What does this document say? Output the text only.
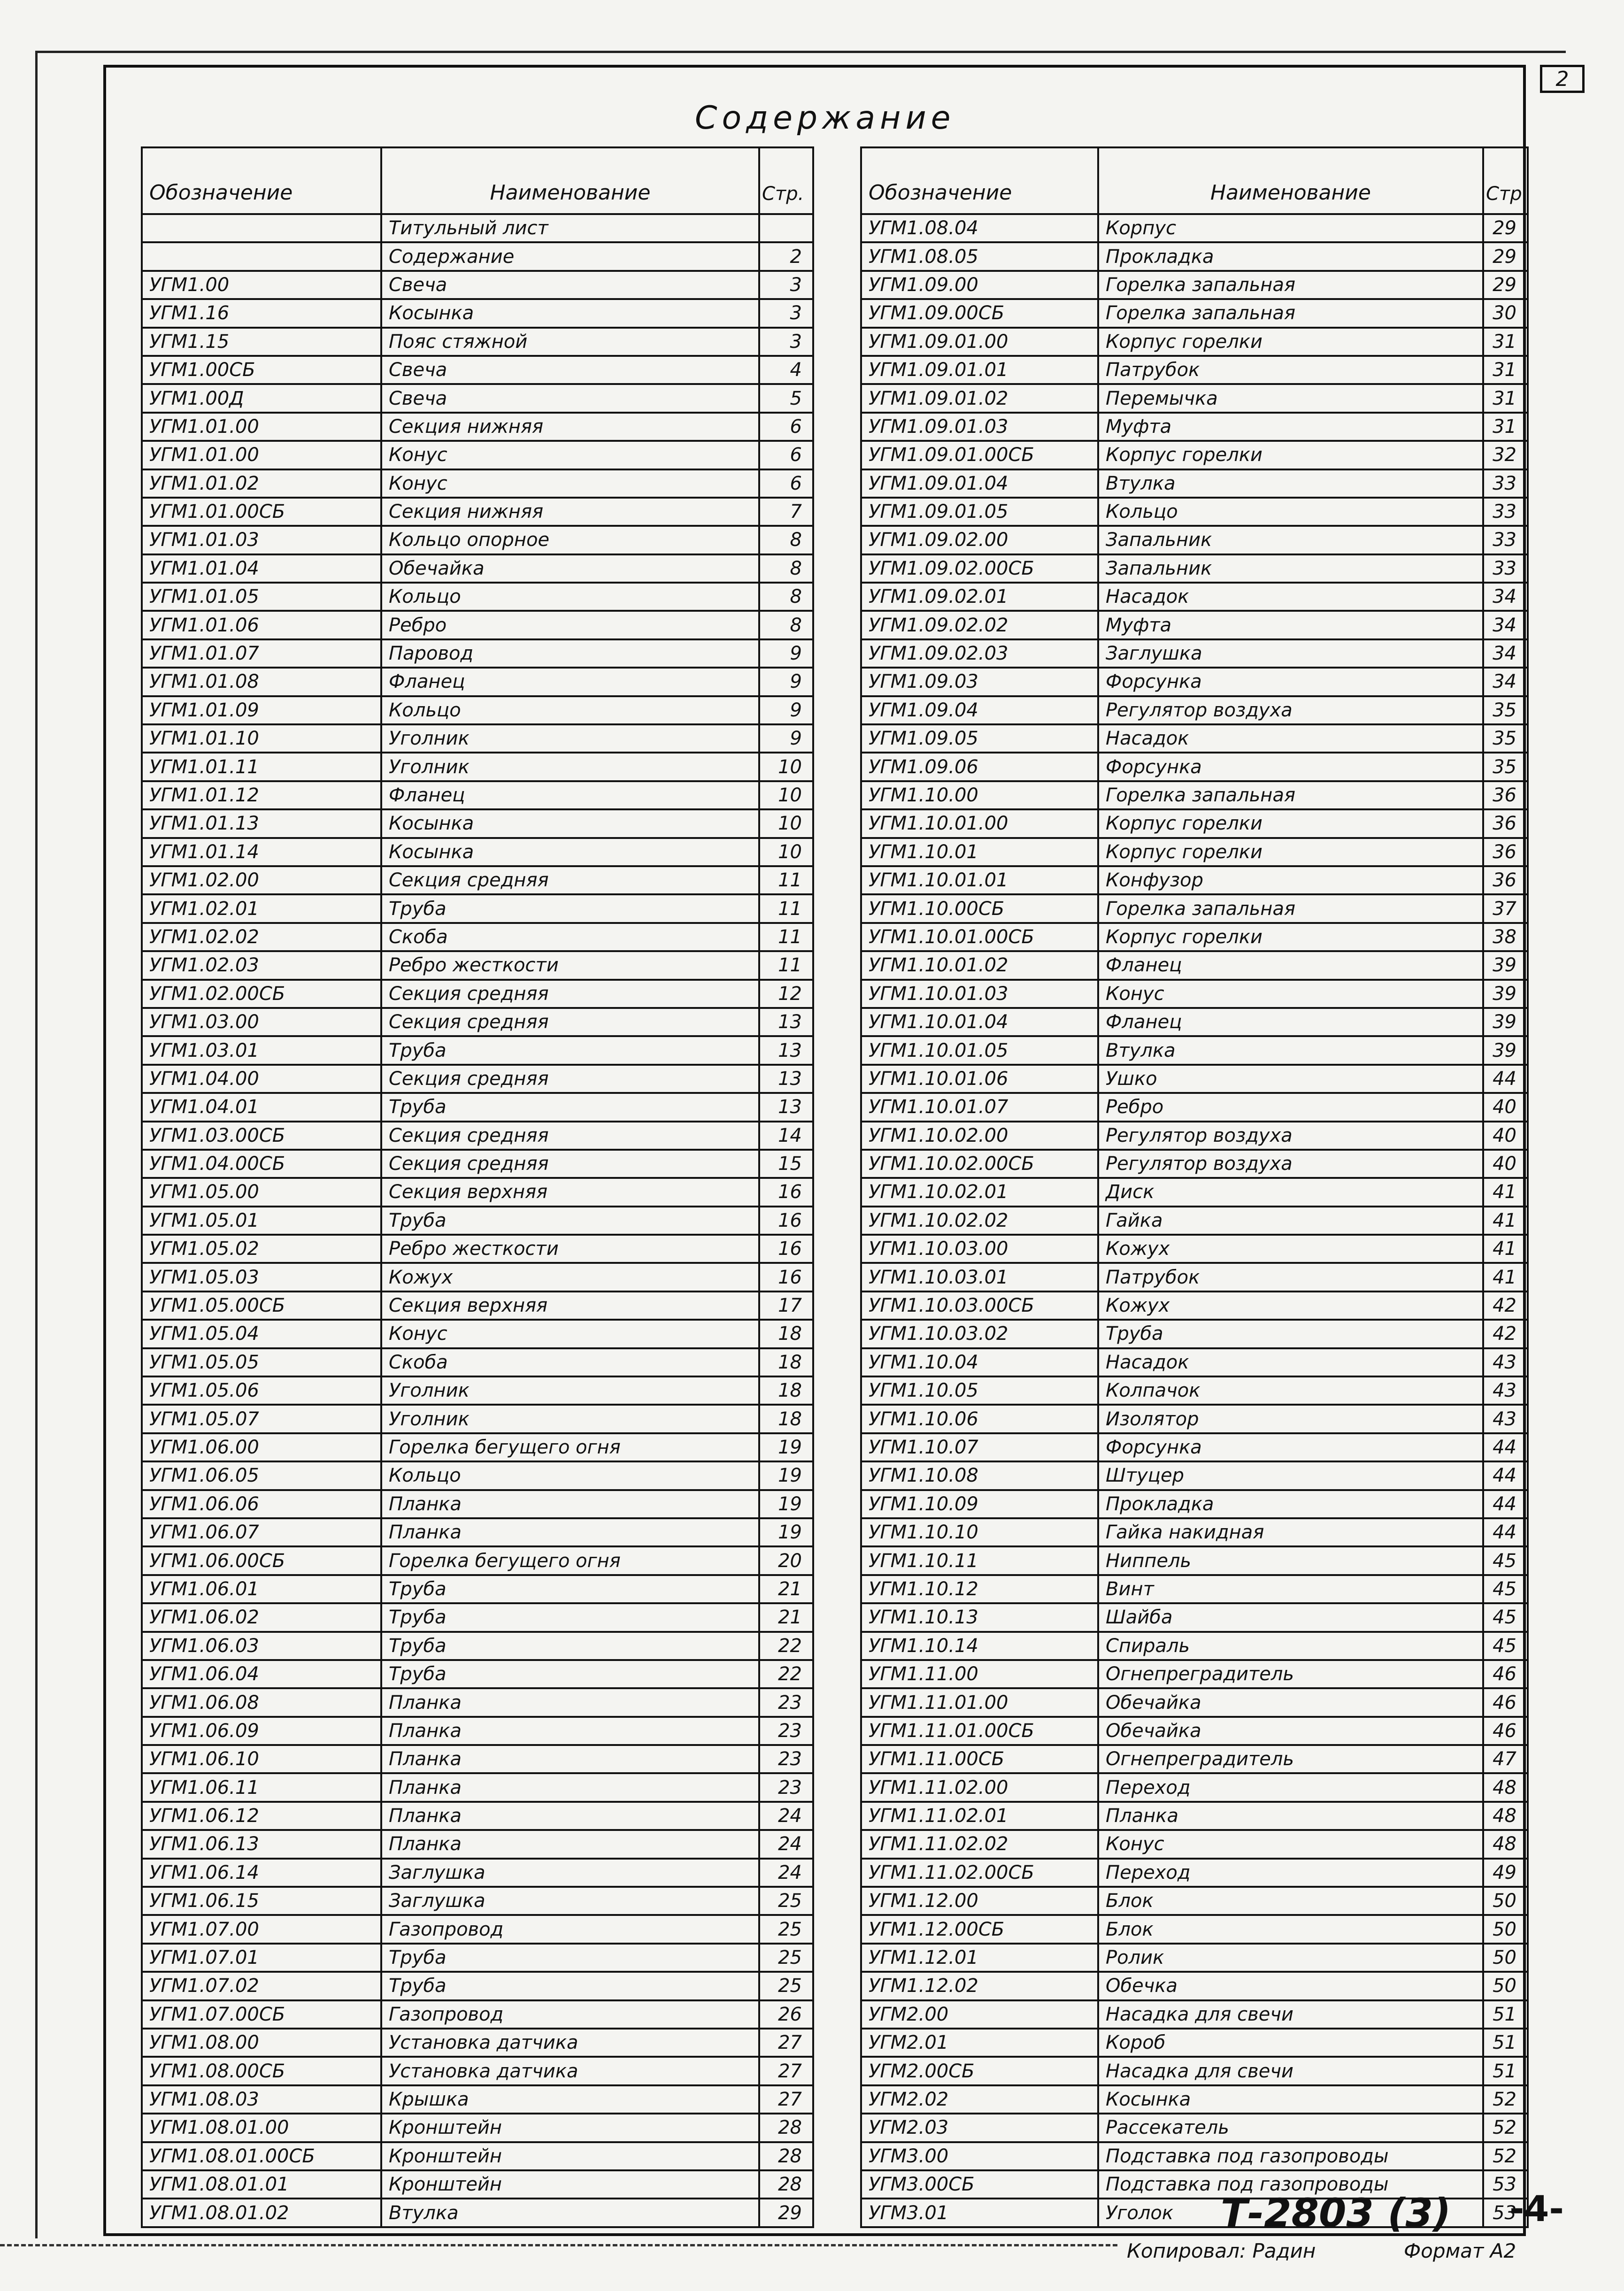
2
Содержание
Обозначение	Наименование	Стр.
	Титульный лист	
	Содержание	2
УГМ1.00	Свеча	3
УГМ1.16	Косынка	3
УГМ1.15	Пояс стяжной	3
УГМ1.00СБ	Свеча	4
УГМ1.00Д	Свеча	5
УГМ1.01.00	Секция нижняя	6
УГМ1.01.00	Конус	6
УГМ1.01.02	Конус	6
УГМ1.01.00СБ	Секция нижняя	7
УГМ1.01.03	Кольцо опорное	8
УГМ1.01.04	Обечайка	8
УГМ1.01.05	Кольцо	8
УГМ1.01.06	Ребро	8
УГМ1.01.07	Паровод	9
УГМ1.01.08	Фланец	9
УГМ1.01.09	Кольцо	9
УГМ1.01.10	Уголник	9
УГМ1.01.11	Уголник	10
УГМ1.01.12	Фланец	10
УГМ1.01.13	Косынка	10
УГМ1.01.14	Косынка	10
УГМ1.02.00	Секция средняя	11
УГМ1.02.01	Труба	11
УГМ1.02.02	Скоба	11
УГМ1.02.03	Ребро жесткости	11
УГМ1.02.00СБ	Секция средняя	12
УГМ1.03.00	Секция средняя	13
УГМ1.03.01	Труба	13
УГМ1.04.00	Секция средняя	13
УГМ1.04.01	Труба	13
УГМ1.03.00СБ	Секция средняя	14
УГМ1.04.00СБ	Секция средняя	15
УГМ1.05.00	Секция верхняя	16
УГМ1.05.01	Труба	16
УГМ1.05.02	Ребро жесткости	16
УГМ1.05.03	Кожух	16
УГМ1.05.00СБ	Секция верхняя	17
УГМ1.05.04	Конус	18
УГМ1.05.05	Скоба	18
УГМ1.05.06	Уголник	18
УГМ1.05.07	Уголник	18
УГМ1.06.00	Горелка бегущего огня	19
УГМ1.06.05	Кольцо	19
УГМ1.06.06	Планка	19
УГМ1.06.07	Планка	19
УГМ1.06.00СБ	Горелка бегущего огня	20
УГМ1.06.01	Труба	21
УГМ1.06.02	Труба	21
УГМ1.06.03	Труба	22
УГМ1.06.04	Труба	22
УГМ1.06.08	Планка	23
УГМ1.06.09	Планка	23
УГМ1.06.10	Планка	23
УГМ1.06.11	Планка	23
УГМ1.06.12	Планка	24
УГМ1.06.13	Планка	24
УГМ1.06.14	Заглушка	24
УГМ1.06.15	Заглушка	25
УГМ1.07.00	Газопровод	25
УГМ1.07.01	Труба	25
УГМ1.07.02	Труба	25
УГМ1.07.00СБ	Газопровод	26
УГМ1.08.00	Установка датчика	27
УГМ1.08.00СБ	Установка датчика	27
УГМ1.08.03	Крышка	27
УГМ1.08.01.00	Кронштейн	28
УГМ1.08.01.00СБ	Кронштейн	28
УГМ1.08.01.01	Кронштейн	28
УГМ1.08.01.02	Втулка	29
Обозначение	Наименование	Стр
УГМ1.08.04	Корпус	29
УГМ1.08.05	Прокладка	29
УГМ1.09.00	Горелка запальная	29
УГМ1.09.00СБ	Горелка запальная	30
УГМ1.09.01.00	Корпус горелки	31
УГМ1.09.01.01	Патрубок	31
УГМ1.09.01.02	Перемычка	31
УГМ1.09.01.03	Муфта	31
УГМ1.09.01.00СБ	Корпус горелки	32
УГМ1.09.01.04	Втулка	33
УГМ1.09.01.05	Кольцо	33
УГМ1.09.02.00	Запальник	33
УГМ1.09.02.00СБ	Запальник	33
УГМ1.09.02.01	Насадок	34
УГМ1.09.02.02	Муфта	34
УГМ1.09.02.03	Заглушка	34
УГМ1.09.03	Форсунка	34
УГМ1.09.04	Регулятор воздуха	35
УГМ1.09.05	Насадок	35
УГМ1.09.06	Форсунка	35
УГМ1.10.00	Горелка запальная	36
УГМ1.10.01.00	Корпус горелки	36
УГМ1.10.01	Корпус горелки	36
УГМ1.10.01.01	Конфузор	36
УГМ1.10.00СБ	Горелка запальная	37
УГМ1.10.01.00СБ	Корпус горелки	38
УГМ1.10.01.02	Фланец	39
УГМ1.10.01.03	Конус	39
УГМ1.10.01.04	Фланец	39
УГМ1.10.01.05	Втулка	39
УГМ1.10.01.06	Ушко	44
УГМ1.10.01.07	Ребро	40
УГМ1.10.02.00	Регулятор воздуха	40
УГМ1.10.02.00СБ	Регулятор воздуха	40
УГМ1.10.02.01	Диск	41
УГМ1.10.02.02	Гайка	41
УГМ1.10.03.00	Кожух	41
УГМ1.10.03.01	Патрубок	41
УГМ1.10.03.00СБ	Кожух	42
УГМ1.10.03.02	Труба	42
УГМ1.10.04	Насадок	43
УГМ1.10.05	Колпачок	43
УГМ1.10.06	Изолятор	43
УГМ1.10.07	Форсунка	44
УГМ1.10.08	Штуцер	44
УГМ1.10.09	Прокладка	44
УГМ1.10.10	Гайка накидная	44
УГМ1.10.11	Ниппель	45
УГМ1.10.12	Винт	45
УГМ1.10.13	Шайба	45
УГМ1.10.14	Спираль	45
УГМ1.11.00	Огнепреградитель	46
УГМ1.11.01.00	Обечайка	46
УГМ1.11.01.00СБ	Обечайка	46
УГМ1.11.00СБ	Огнепреградитель	47
УГМ1.11.02.00	Переход	48
УГМ1.11.02.01	Планка	48
УГМ1.11.02.02	Конус	48
УГМ1.11.02.00СБ	Переход	49
УГМ1.12.00	Блок	50
УГМ1.12.00СБ	Блок	50
УГМ1.12.01	Ролик	50
УГМ1.12.02	Обечка	50
УГМ2.00	Насадка для свечи	51
УГМ2.01	Короб	51
УГМ2.00СБ	Насадка для свечи	51
УГМ2.02	Косынка	52
УГМ2.03	Рассекатель	52
УГМ3.00	Подставка под газопроводы	52
УГМ3.00СБ	Подставка под газопроводы	53
УГМ3.01	Уголок	53
Т-2803 (3) -4-
Копировал: Радин	Формат А2
